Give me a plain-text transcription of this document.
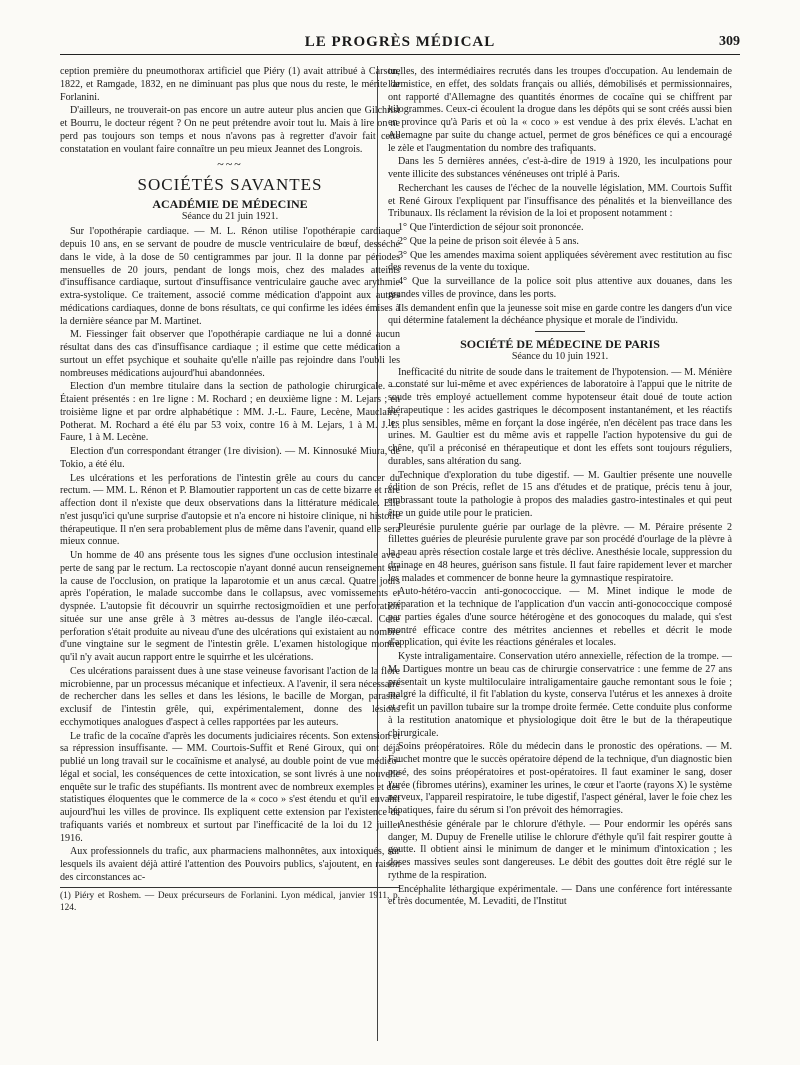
LE PROGRÈS MÉDICAL	309

ception première du pneumothorax artificiel que Piéry (1) avait attribué à Carson, 1822, et Ramgade, 1832, en ne diminuant pas plus que nous du reste, le mérite de Forlanini.

D'ailleurs, ne trouverait-on pas encore un autre auteur plus ancien que Gilchrist et Bourru, le docteur régent ? On ne peut prétendre avoir tout lu. Mais à lire on ne perd pas toujours son temps et nous n'avons pas à regretter d'avoir fait cette constatation en voulant faire connaître un peu mieux Jeannet des Longrois.

~~~
SOCIÉTÉS SAVANTES
ACADÉMIE DE MÉDECINE
Séance du 21 juin 1921.

Sur l'opothérapie cardiaque. — M. L. Rénon utilise l'opothérapie cardiaque depuis 10 ans, en se servant de poudre de muscle ventriculaire de bœuf, desséché dans le vide, à la dose de 50 centigrammes par jour. Il la donne par périodes mensuelles de 20 jours, pendant de longs mois, chez des malades atteints d'insuffisance cardiaque, surtout d'insuffisance ventriculaire gauche avec arythmie extra-systolique. Ce traitement, associé comme médication d'appoint aux autres médications cardiaques, donne de bons résultats, ce qui confirme les idées émises à la dernière séance par M. Martinet.

M. Fiessinger fait observer que l'opothérapie cardiaque ne lui a donné aucun résultat dans des cas d'insuffisance cardiaque ; il estime que cette médication a surtout un effet psychique et souhaite qu'elle n'aille pas rejoindre dans l'oubli les nombreuses médications aujourd'hui abandonnées.

Election d'un membre titulaire dans la section de pathologie chirurgicale. — Étaient présentés : en 1re ligne : M. Rochard ; en deuxième ligne : M. Lejars ; en troisième ligne et par ordre alphabétique : MM. J.-L. Faure, Lecène, Mauclaire, Potherat. M. Rochard a été élu par 53 voix, contre 16 à M. Lejars, 1 à M. J.-L. Faure, 1 à M. Lecène.

Election d'un correspondant étranger (1re division). — M. Kinnosuké Miura, de Tokio, a été élu.

Les ulcérations et les perforations de l'intestin grêle au cours du cancer du rectum. — MM. L. Rénon et P. Blamoutier rapportent un cas de cette bizarre et rare affection dont il n'existe que deux observations dans la littérature médicale. Elle n'est jusqu'ici qu'une surprise d'autopsie et n'a encore ni histoire clinique, ni histoire thérapeutique. Il n'en sera probablement plus de même dans l'avenir, quand elle sera mieux connue.

Un homme de 40 ans présente tous les signes d'une occlusion intestinale avec perte de sang par le rectum. La rectoscopie n'ayant donné aucun renseignement sur la cause de l'occlusion, on pratique la laparotomie et un anus cæcal. Quatre jours après l'opération, le malade succombe dans le collapsus, avec vomissements et dyspnée. L'autopsie fit découvrir un squirrhe rectosigmoïdien et une perforation située sur une anse grêle à 3 mètres au-dessus de l'angle iléo-cæcal. Cette perforation s'était produite au niveau d'une des ulcérations qui existaient au nombre d'une vingtaine sur le segment de l'intestin grêle. L'examen histologique montre qu'il n'y avait aucun rapport entre le squirrhe et les ulcérations.

Ces ulcérations paraissent dues à une stase veineuse favorisant l'action de la flore microbienne, par un processus mécanique et infectieux. A l'avenir, il sera nécessaire de rechercher dans les selles et dans les lésions, le bacille de Morgan, parasite exclusif de l'intestin grêle, qui, expérimentalement, donne des lésions ecchymotiques analogues d'aspect à celles rapportées par les auteurs.

Le trafic de la cocaïne d'après les documents judiciaires récents. Son extension et sa répression insuffisante. — MM. Courtois-Suffit et René Giroux, qui ont déjà publié un long travail sur le cocaïnisme et analysé, au double point de vue médico-légal et social, les conséquences de cette intoxication, se sont livrés à une nouvelle enquête sur le trafic des stupéfiants. Ils montrent avec de nombreux exemples et des statistiques éloquentes que le commerce de la « coco » s'est étendu et qu'il envahit aujourd'hui les villes de province. Ils expliquent cette extension par l'existence de trafiquants variés et nombreux et surtout par l'inefficacité de la loi du 12 juillet 1916.

Aux professionnels du trafic, aux pharmaciens malhonnêtes, aux intoxiqués, sur lesquels ils avaient déjà attiré l'attention des Pouvoirs publics, s'ajoutent, en raison des circonstances ac-

(1) Piéry et Roshem. — Deux précurseurs de Forlanini. Lyon médical, janvier 1911, p. 124.

tuelles, des intermédiaires recrutés dans les troupes d'occupation. Au lendemain de l'armistice, en effet, des soldats français ou alliés, démobilisés et permissionnaires, ont rapporté d'Allemagne des quantités énormes de cocaïne qui se chiffrent par kilogrammes. Ceux-ci écoulent la drogue dans les dépôts qui se sont créés aussi bien en province qu'à Paris et où la « coco » est vendue à des prix élevés. L'achat en Allemagne par suite du change actuel, permet de gros bénéfices ce qui a encouragé le zèle et l'augmentation du nombre des trafiquants.

Dans les 5 dernières années, c'est-à-dire de 1919 à 1920, les inculpations pour vente illicite des substances vénéneuses ont triplé à Paris.

Recherchant les causes de l'échec de la nouvelle législation, MM. Courtois Suffit et René Giroux l'expliquent par l'insuffisance des pénalités et la bienveillance des Tribunaux. Ils réclament la révision de la loi et proposent notamment :

1° Que l'interdiction de séjour soit prononcée.

2° Que la peine de prison soit élevée à 5 ans.

3° Que les amendes maxima soient appliquées sévèrement avec restitution au fisc des revenus de la vente du toxique.

4° Que la surveillance de la police soit plus attentive aux douanes, dans les grandes villes de province, dans les ports.

Ils demandent enfin que la jeunesse soit mise en garde contre les dangers d'un vice qui détermine fatalement la déchéance physique et morale de l'individu.

SOCIÉTÉ DE MÉDECINE DE PARIS
Séance du 10 juin 1921.

Inefficacité du nitrite de soude dans le traitement de l'hypotension. — M. Ménière a constaté sur lui-même et avec expériences de laboratoire à l'appui que le nitrite de soude très employé actuellement comme hypotenseur était doué de toute action thérapeutique : les acides gastriques le décomposent instantanément, et les réactifs les plus sensibles, même en forçant la dose ingérée, n'en décèlent pas trace dans les urines. M. Gaultier est du même avis et rappelle l'action hypotensive du gui de chêne, qu'il a préconisé en thérapeutique et dont les effets sont toujours réguliers, durables, sans altération du sang.

Technique d'exploration du tube digestif. — M. Gaultier présente une nouvelle édition de son Précis, reflet de 15 ans d'études et de pratique, précis tenu à jour, embrassant toute la pathologie à propos des maladies gastro-intestinales et qui peut être un guide utile pour le praticien.

Pleurésie purulente guérie par ourlage de la plèvre. — M. Péraire présente 2 fillettes guéries de pleurésie purulente grave par son procédé d'ourlage de la plèvre à la peau après résection costale large et très déclive. Anesthésie locale, suppression du drainage en 48 heures, guérison sans fistule. Il faut faire rapidement lever et marcher les malades et commencer de bonne heure la gymnastique respiratoire.

Auto-hétéro-vaccin anti-gonococcique. — M. Minet indique le mode de préparation et la technique de l'application d'un vaccin anti-gonococcique composé par parties égales d'une source hétérogène et des gonocoques du malade, qui s'est montré efficace contre des métrites anciennes et rebelles et décrit le mode d'application, qui évite les réactions générales et locales.

Kyste intraligamentaire. Conservation utéro annexielle, réfection de la trompe. — M. Dartigues montre un beau cas de chirurgie conservatrice : une femme de 27 ans présentait un kyste multiloculaire intraligamentaire gauche remontant sous le foie ; malgré la difficulté, il fit l'ablation du kyste, conserva l'utérus et les annexes à droite et refit un pavillon tubaire sur la trompe droite fermée. Cette conduite plus conforme à la restitution anatomique et physiologique doit être le but de la thérapeutique chirurgicale.

Soins préopératoires. Rôle du médecin dans le pronostic des opérations. — M. Fauchet montre que le succès opératoire dépend de la technique, d'un diagnostic bien posé, des soins préopératoires et post-opératoires. Il faut examiner le sang, doser l'urée (fibromes utérins), examiner les urines, le cœur et l'aorte (rayons X) le système nerveux, l'appareil respiratoire, le tube digestif, l'aspect général, laver le foie chez les hépatiques, faire du sérum si l'on prévoit des hémorragies.

Anesthésie générale par le chlorure d'éthyle. — Pour endormir les opérés sans danger, M. Dupuy de Frenelle utilise le chlorure d'éthyle qu'il fait respirer goutte à goutte. Il obtient ainsi le minimum de danger et le minimum d'intoxication ; les doses massives seules sont dangereuses. Le débit des gouttes doit être réglé sur le rythme de la respiration.

Encéphalite léthargique expérimentale. — Dans une conférence fort intéressante et très documentée, M. Levaditi, de l'Institut
